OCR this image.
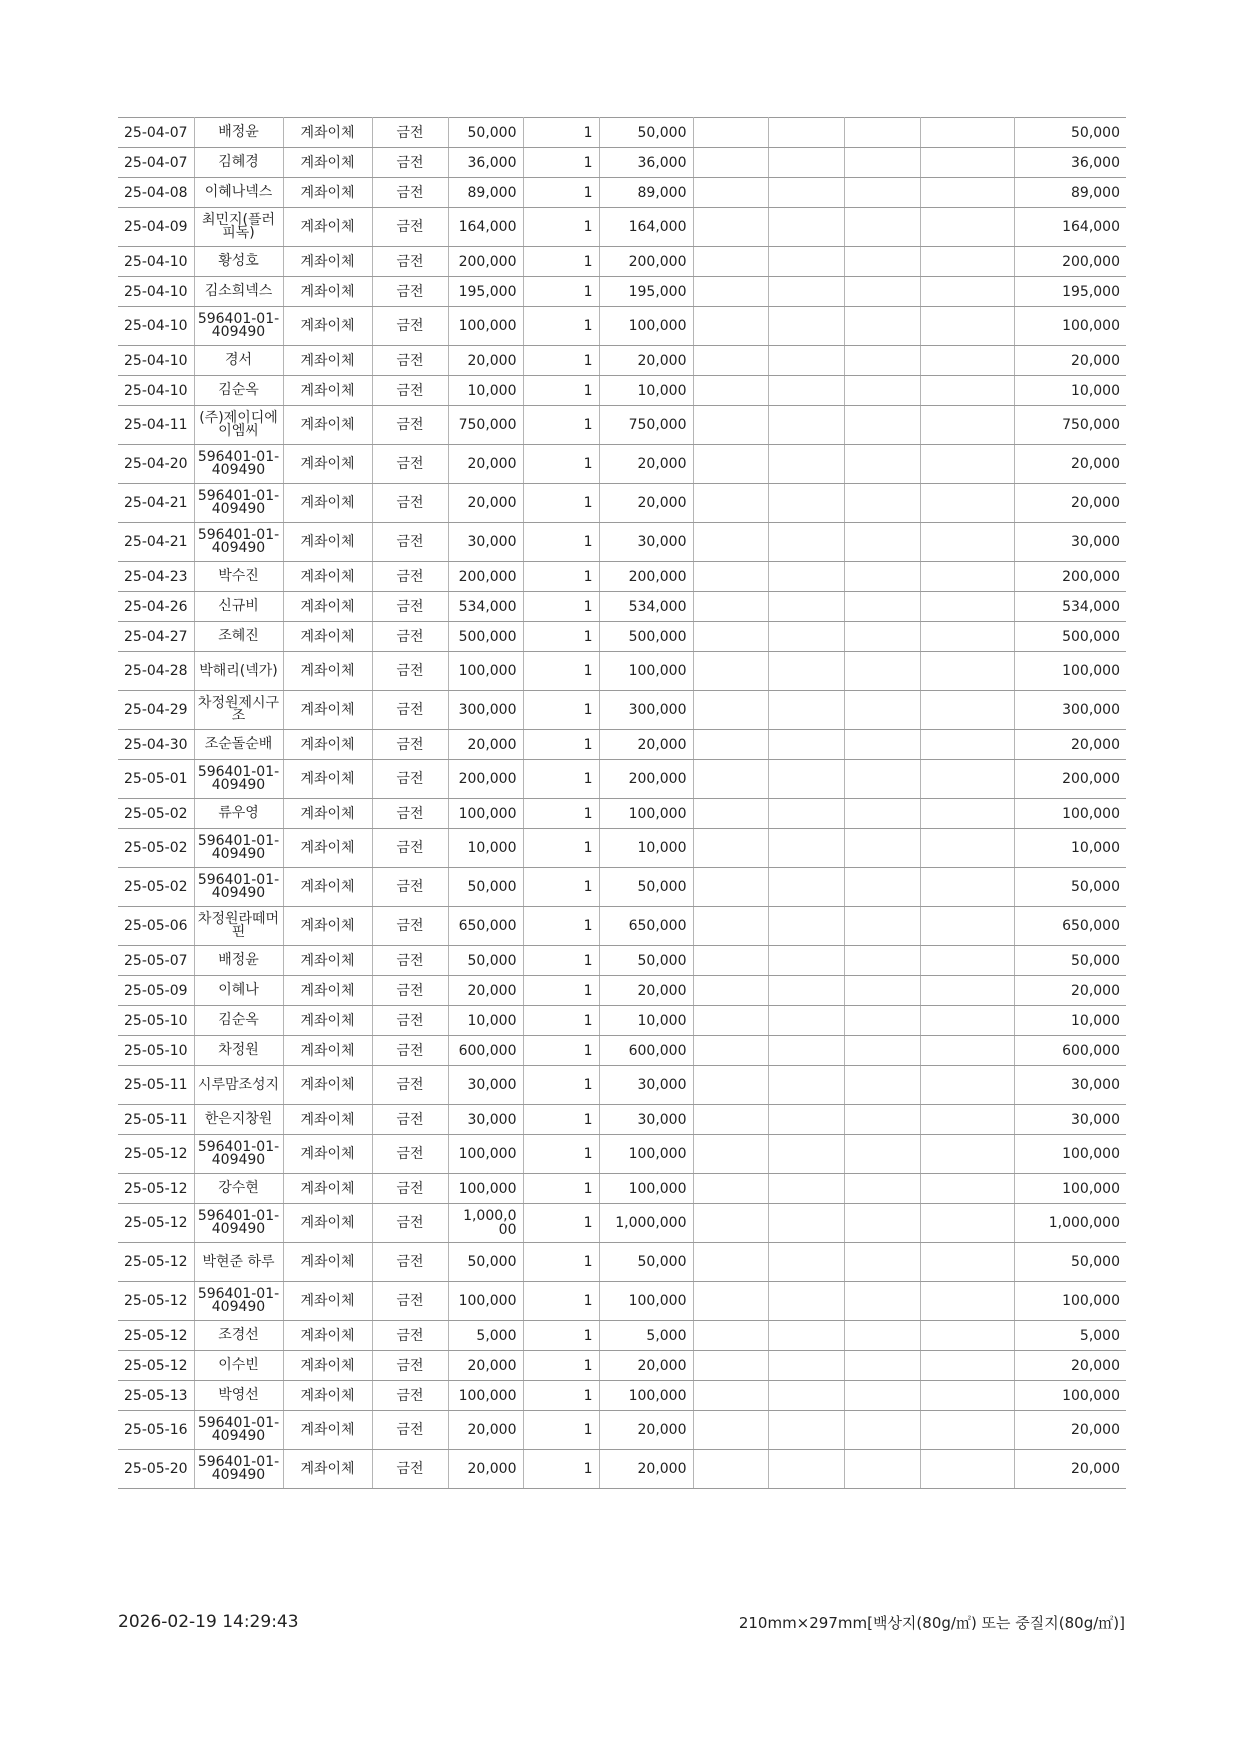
25-04-07	배정윤	계좌이체	금전	50,000	1	50,000					50,000
25-04-07	김혜경	계좌이체	금전	36,000	1	36,000					36,000
25-04-08	이혜나넥스	계좌이체	금전	89,000	1	89,000					89,000
25-04-09	최민지(플러피독)	계좌이체	금전	164,000	1	164,000					164,000
25-04-10	황성호	계좌이체	금전	200,000	1	200,000					200,000
25-04-10	김소희넥스	계좌이체	금전	195,000	1	195,000					195,000
25-04-10	596401-01-409490	계좌이체	금전	100,000	1	100,000					100,000
25-04-10	경서	계좌이체	금전	20,000	1	20,000					20,000
25-04-10	김순옥	계좌이체	금전	10,000	1	10,000					10,000
25-04-11	(주)제이디에이엠씨	계좌이체	금전	750,000	1	750,000					750,000
25-04-20	596401-01-409490	계좌이체	금전	20,000	1	20,000					20,000
25-04-21	596401-01-409490	계좌이체	금전	20,000	1	20,000					20,000
25-04-21	596401-01-409490	계좌이체	금전	30,000	1	30,000					30,000
25-04-23	박수진	계좌이체	금전	200,000	1	200,000					200,000
25-04-26	신규비	계좌이체	금전	534,000	1	534,000					534,000
25-04-27	조혜진	계좌이체	금전	500,000	1	500,000					500,000
25-04-28	박해리(넥가)	계좌이체	금전	100,000	1	100,000					100,000
25-04-29	차정원제시구조	계좌이체	금전	300,000	1	300,000					300,000
25-04-30	조순돌순배	계좌이체	금전	20,000	1	20,000					20,000
25-05-01	596401-01-409490	계좌이체	금전	200,000	1	200,000					200,000
25-05-02	류우영	계좌이체	금전	100,000	1	100,000					100,000
25-05-02	596401-01-409490	계좌이체	금전	10,000	1	10,000					10,000
25-05-02	596401-01-409490	계좌이체	금전	50,000	1	50,000					50,000
25-05-06	차정원라떼머핀	계좌이체	금전	650,000	1	650,000					650,000
25-05-07	배정윤	계좌이체	금전	50,000	1	50,000					50,000
25-05-09	이혜나	계좌이체	금전	20,000	1	20,000					20,000
25-05-10	김순옥	계좌이체	금전	10,000	1	10,000					10,000
25-05-10	차정원	계좌이체	금전	600,000	1	600,000					600,000
25-05-11	시루맘조성지	계좌이체	금전	30,000	1	30,000					30,000
25-05-11	한은지창원	계좌이체	금전	30,000	1	30,000					30,000
25-05-12	596401-01-409490	계좌이체	금전	100,000	1	100,000					100,000
25-05-12	강수현	계좌이체	금전	100,000	1	100,000					100,000
25-05-12	596401-01-409490	계좌이체	금전	1,000,000	1	1,000,000					1,000,000
25-05-12	박현준 하루	계좌이체	금전	50,000	1	50,000					50,000
25-05-12	596401-01-409490	계좌이체	금전	100,000	1	100,000					100,000
25-05-12	조경선	계좌이체	금전	5,000	1	5,000					5,000
25-05-12	이수빈	계좌이체	금전	20,000	1	20,000					20,000
25-05-13	박영선	계좌이체	금전	100,000	1	100,000					100,000
25-05-16	596401-01-409490	계좌이체	금전	20,000	1	20,000					20,000
25-05-20	596401-01-409490	계좌이체	금전	20,000	1	20,000					20,000
2026-02-19 14:29:43	210mm×297mm[백상지(80g/㎡) 또는 중질지(80g/㎡)]
